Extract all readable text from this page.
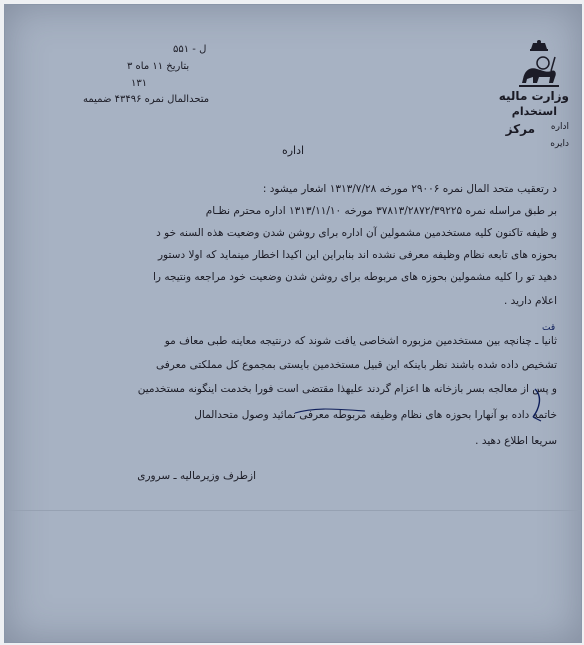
ل - ۵۵۱
بتاریخ ۱۱ ماه ۳
۱۳۱
متحدالمال نمره ۴۳۴۹۶ ضمیمه	وزارت مالیه
استخدام
مرکز اداره
دایره
اداره
د رتعقیب متحد المال نمره ۲۹۰۰۶ مورخه ۱۳۱۳/۷/۲۸ اشعار میشود :
بر طبق مراسله نمره ۳۷۸۱۳/۲۸۷۲/۳۹۲۲۵ مورخه ۱۳۱۳/۱۱/۱۰ اداره محترم نظـام
و ظیفه تاکنون کلیه مستخدمین مشمولین آن اداره برای روشن شدن وضعیت هذه السنه خو د
بحوزه های تابعه نظام وظیفه معرفی نشده اند بنابراین این اکیدا اخطار مینماید که اولا دستور
دهید تو را کلیه مشمولین بحوزه های مربوطه برای روشن شدن وضعیت خود مراجعه ونتیجه را
اعلام دارید .
قت
ثانیا ـ چنانچه بین مستخدمین مزبوره اشخاصی یافت شوند که درنتیجه معاینه طبی معاف مو
تشخیص داده شده باشند نظر باینکه این قبیل مستخدمین بایستی بمجموع کل مملکتی معرفی
و پس از معالجه بسر بازخانه ها اعزام گردند علیهذا مقتضی است فورا بخدمت اینگونه مستخدمین
خاتمه داده بو آنهارا بحوزه های نظام وظیفه مربوطه معرفی نمائید وصول متحدالمال
سریعا اطلاع دهید .
ازطرف وزیرمالیه ـ سروری
